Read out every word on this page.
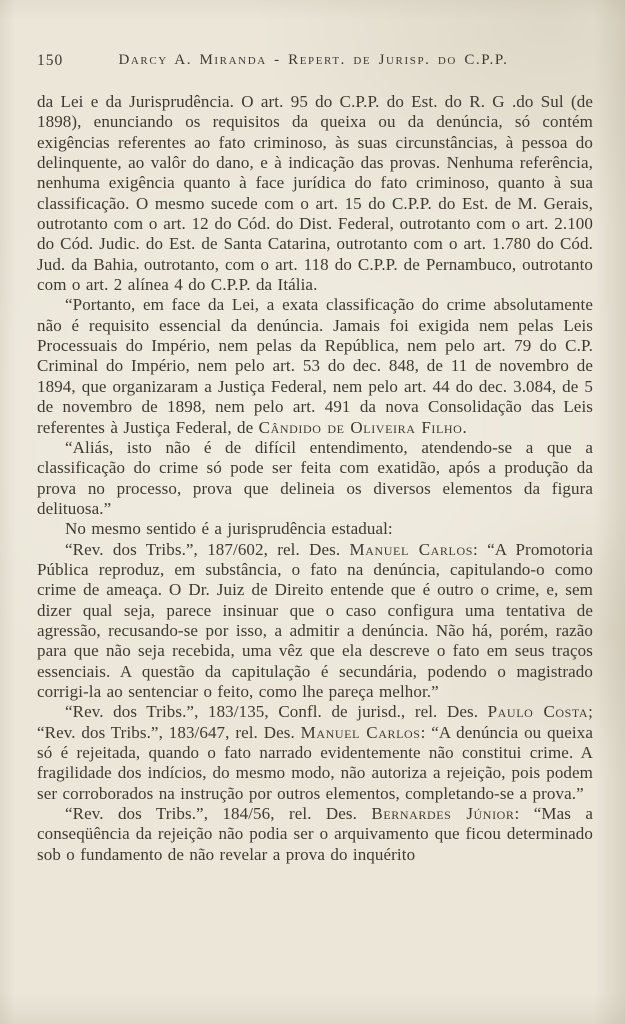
150	Darcy A. Miranda - Repert. de Jurisp. do C.P.P.

da Lei e da Jurisprudência. O art. 95 do C.P.P. do Est. do R. G .do Sul (de 1898), enunciando os requisitos da queixa ou da denúncia, só contém exigências referentes ao fato criminoso, às suas circunstâncias, à pessoa do delinquente, ao valôr do dano, e à indicação das provas. Nenhuma referência, nenhuma exigência quanto à face jurídica do fato criminoso, quanto à sua classificação. O mesmo sucede com o art. 15 do C.P.P. do Est. de M. Gerais, outrotanto com o art. 12 do Cód. do Dist. Federal, outrotanto com o art. 2.100 do Cód. Judic. do Est. de Santa Catarina, outrotanto com o art. 1.780 do Cód. Jud. da Bahia, outrotanto, com o art. 118 do C.P.P. de Pernambuco, outrotanto com o art. 2 alínea 4 do C.P.P. da Itália.

“Portanto, em face da Lei, a exata classificação do crime absolutamente não é requisito essencial da denúncia. Jamais foi exigida nem pelas Leis Processuais do Império, nem pelas da República, nem pelo art. 79 do C.P. Criminal do Império, nem pelo art. 53 do dec. 848, de 11 de novembro de 1894, que organizaram a Justiça Federal, nem pelo art. 44 do dec. 3.084, de 5 de novembro de 1898, nem pelo art. 491 da nova Consolidação das Leis referentes à Justiça Federal, de Cândido de Oliveira Filho.

“Aliás, isto não é de difícil entendimento, atendendo-se a que a classificação do crime só pode ser feita com exatidão, após a produção da prova no processo, prova que delineia os diversos elementos da figura delituosa.”

No mesmo sentido é a jurisprudência estadual:

“Rev. dos Tribs.”, 187/602, rel. Des. Manuel Carlos: “A Promotoria Pública reproduz, em substância, o fato na denúncia, capitulando-o como crime de ameaça. O Dr. Juiz de Direito entende que é outro o crime, e, sem dizer qual seja, parece insinuar que o caso configura uma tentativa de agressão, recusando-se por isso, a admitir a denúncia. Não há, porém, razão para que não seja recebida, uma vêz que ela descreve o fato em seus traços essenciais. A questão da capitulação é secundária, podendo o magistrado corrigi-la ao sentenciar o feito, como lhe pareça melhor.”

“Rev. dos Tribs.”, 183/135, Confl. de jurisd., rel. Des. Paulo Costa; “Rev. dos Tribs.”, 183/647, rel. Des. Manuel Carlos: “A denúncia ou queixa só é rejeitada, quando o fato narrado evidentemente não constitui crime. A fragilidade dos indícios, do mesmo modo, não autoriza a rejeição, pois podem ser corroborados na instrução por outros elementos, completando-se a prova.”

“Rev. dos Tribs.”, 184/56, rel. Des. Bernardes Júnior: “Mas a conseqüência da rejeição não podia ser o arquivamento que ficou determinado sob o fundamento de não revelar a prova do inquérito
